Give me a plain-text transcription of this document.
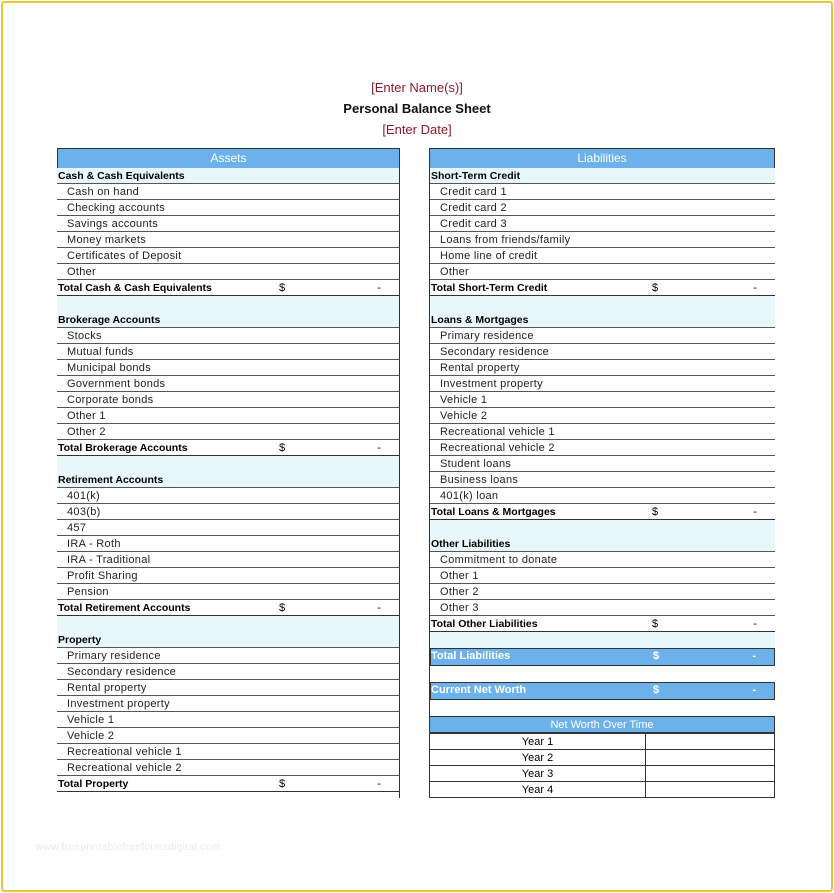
[Enter Name(s)]
Personal Balance Sheet
[Enter Date]
Assets
Cash & Cash Equivalents
Cash on hand
Checking accounts
Savings accounts
Money markets
Certificates of Deposit
Other
Total Cash & Cash Equivalents	$	-
Brokerage Accounts
Stocks
Mutual funds
Municipal bonds
Government bonds
Corporate bonds
Other 1
Other 2
Total Brokerage Accounts	$	-
Retirement Accounts
401(k)
403(b)
457
IRA - Roth
IRA - Traditional
Profit Sharing
Pension
Total Retirement Accounts	$	-
Property
Primary residence
Secondary residence
Rental property
Investment property
Vehicle 1
Vehicle 2
Recreational vehicle 1
Recreational vehicle 2
Total Property	$	-
Liabilities
Short-Term Credit
Credit card 1
Credit card 2
Credit card 3
Loans from friends/family
Home line of credit
Other
Total Short-Term Credit	$	-
Loans & Mortgages
Primary residence
Secondary residence
Rental property
Investment property
Vehicle 1
Vehicle 2
Recreational vehicle 1
Recreational vehicle 2
Student loans
Business loans
401(k) loan
Total Loans & Mortgages	$	-
Other Liabilities
Commitment to donate
Other 1
Other 2
Other 3
Total Other Liabilities	$	-
Total Liabilities	$	-
Current Net Worth	$	-
Net Worth Over Time
Year 1	
Year 2	
Year 3	
Year 4	
www.freeprintablefreeformsdigital.com
